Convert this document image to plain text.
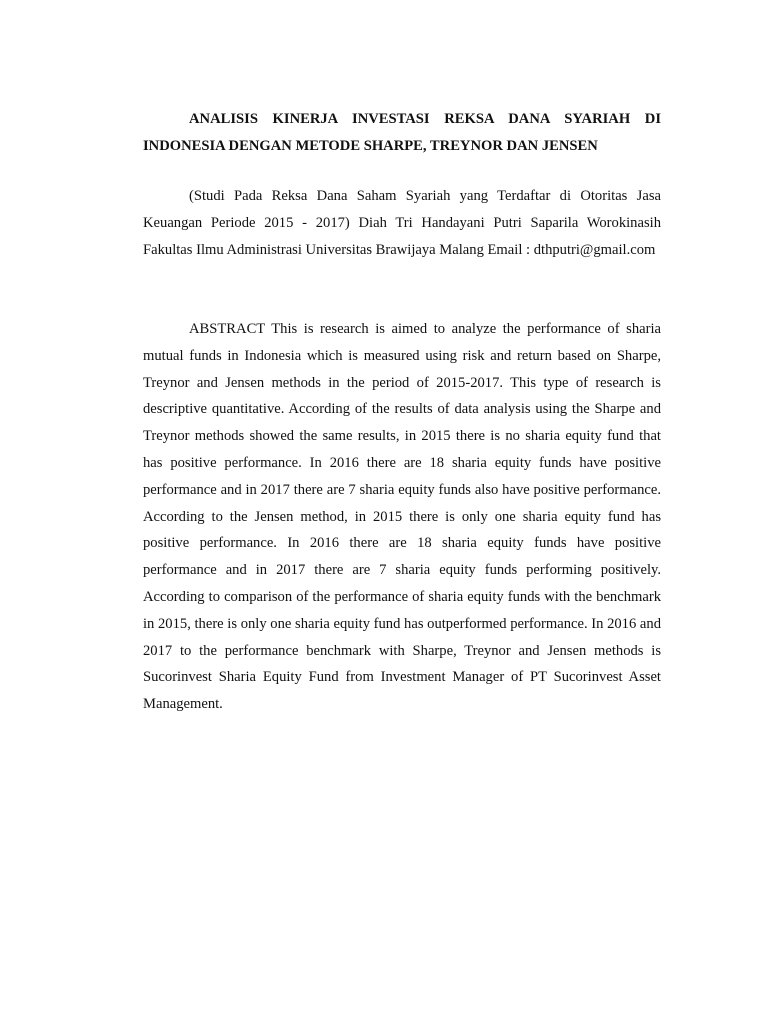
ANALISIS KINERJA INVESTASI REKSA DANA SYARIAH DI INDONESIA DENGAN METODE SHARPE, TREYNOR DAN JENSEN
(Studi Pada Reksa Dana Saham Syariah yang Terdaftar di Otoritas Jasa Keuangan Periode 2015 - 2017) Diah Tri Handayani Putri Saparila Worokinasih Fakultas Ilmu Administrasi Universitas Brawijaya Malang Email : dthputri@gmail.com
ABSTRACT This is research is aimed to analyze the performance of sharia mutual funds in Indonesia which is measured using risk and return based on Sharpe, Treynor and Jensen methods in the period of 2015-2017. This type of research is descriptive quantitative. According of the results of data analysis using the Sharpe and Treynor methods showed the same results, in 2015 there is no sharia equity fund that has positive performance. In 2016 there are 18 sharia equity funds have positive performance and in 2017 there are 7 sharia equity funds also have positive performance. According to the Jensen method, in 2015 there is only one sharia equity fund has positive performance. In 2016 there are 18 sharia equity funds have positive performance and in 2017 there are 7 sharia equity funds performing positively. According to comparison of the performance of sharia equity funds with the benchmark in 2015, there is only one sharia equity fund has outperformed performance. In 2016 and 2017 to the performance benchmark with Sharpe, Treynor and Jensen methods is Sucorinvest Sharia Equity Fund from Investment Manager of PT Sucorinvest Asset Management.
